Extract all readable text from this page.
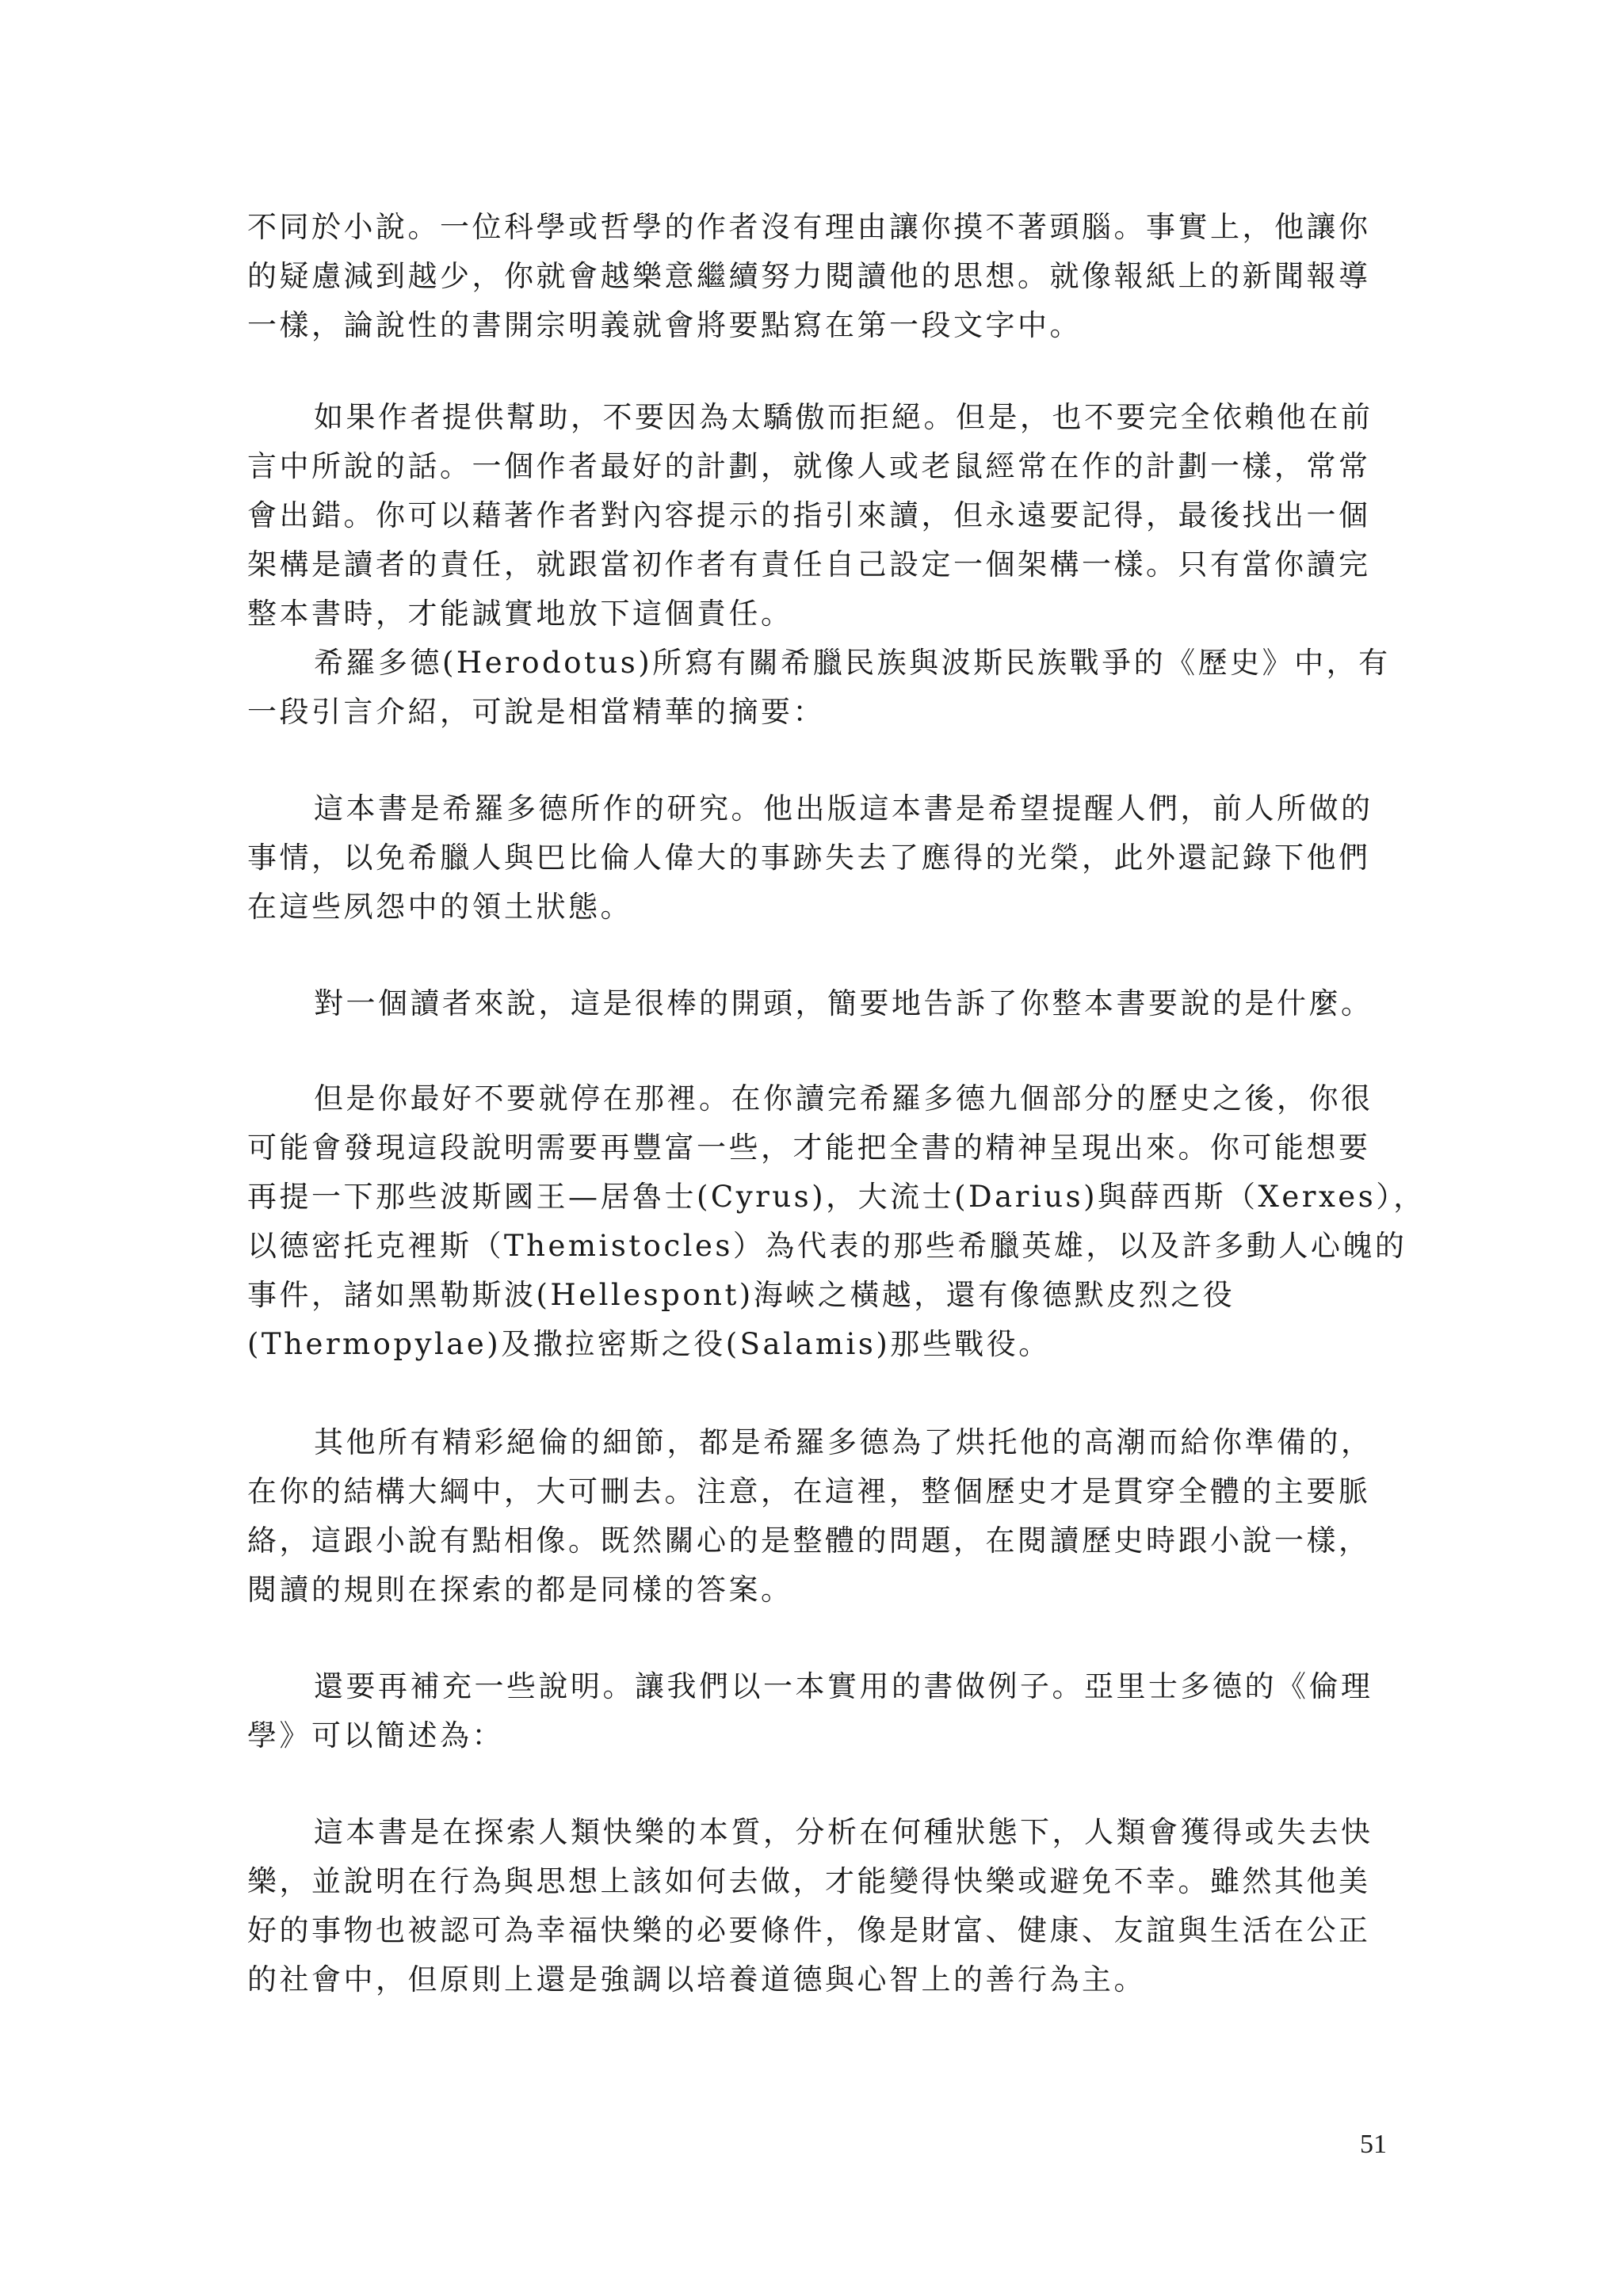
不同於小說。一位科學或哲學的作者沒有理由讓你摸不著頭腦。事實上，他讓你
的疑慮減到越少，你就會越樂意繼續努力閱讀他的思想。就像報紙上的新聞報導
一樣，論說性的書開宗明義就會將要點寫在第一段文字中。
如果作者提供幫助，不要因為太驕傲而拒絕。但是，也不要完全依賴他在前
言中所說的話。一個作者最好的計劃，就像人或老鼠經常在作的計劃一樣，常常
會出錯。你可以藉著作者對內容提示的指引來讀，但永遠要記得，最後找出一個
架構是讀者的責任，就跟當初作者有責任自己設定一個架構一樣。只有當你讀完
整本書時，才能誠實地放下這個責任。
希羅多德(Herodotus)所寫有關希臘民族與波斯民族戰爭的《歷史》中，有
一段引言介紹，可說是相當精華的摘要：
這本書是希羅多德所作的研究。他出版這本書是希望提醒人們，前人所做的
事情，以免希臘人與巴比倫人偉大的事跡失去了應得的光榮，此外還記錄下他們
在這些夙怨中的領土狀態。
對一個讀者來說，這是很棒的開頭，簡要地告訴了你整本書要說的是什麼。
但是你最好不要就停在那裡。在你讀完希羅多德九個部分的歷史之後，你很
可能會發現這段說明需要再豐富一些，才能把全書的精神呈現出來。你可能想要
再提一下那些波斯國王—居魯士(Cyrus)，大流士(Darius)與薛西斯（Xerxes），
以德密托克裡斯（Themistocles）為代表的那些希臘英雄，以及許多動人心魄的
事件，諸如黑勒斯波(Hellespont)海峽之橫越，還有像德默皮烈之役
(Thermopylae)及撒拉密斯之役(Salamis)那些戰役。
其他所有精彩絕倫的細節，都是希羅多德為了烘托他的高潮而給你準備的，
在你的結構大綱中，大可刪去。注意，在這裡，整個歷史才是貫穿全體的主要脈
絡，這跟小說有點相像。既然關心的是整體的問題，在閱讀歷史時跟小說一樣，
閱讀的規則在探索的都是同樣的答案。
還要再補充一些說明。讓我們以一本實用的書做例子。亞里士多德的《倫理
學》可以簡述為：
這本書是在探索人類快樂的本質，分析在何種狀態下，人類會獲得或失去快
樂，並說明在行為與思想上該如何去做，才能變得快樂或避免不幸。雖然其他美
好的事物也被認可為幸福快樂的必要條件，像是財富、健康、友誼與生活在公正
的社會中，但原則上還是強調以培養道德與心智上的善行為主。
51
